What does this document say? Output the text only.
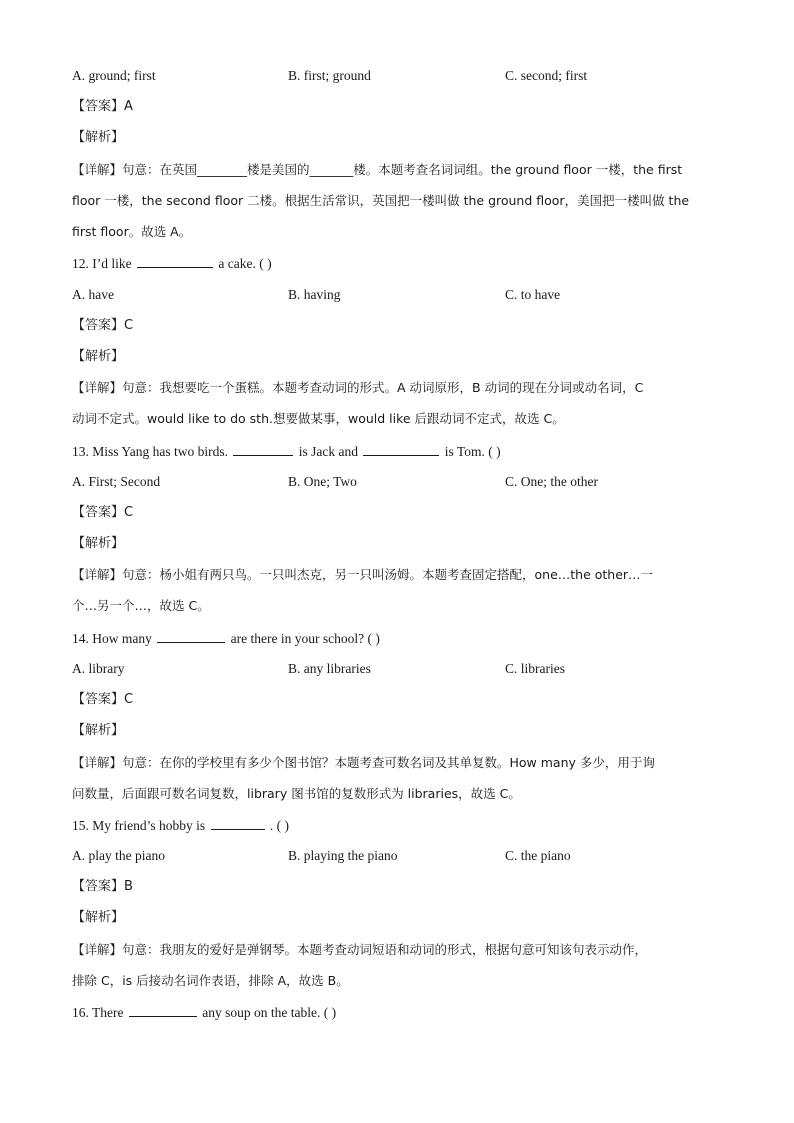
A. ground; first	B. first; ground	C. second; first
【答案】A
【解析】
【详解】句意：在英国________楼是美国的_______楼。本题考查名词词组。the ground floor 一楼，the first
floor 一楼，the second floor 二楼。根据生活常识，英国把一楼叫做 the ground floor，美国把一楼叫做 the
first floor。故选 A。
12. I’d like	a cake. ( )
A. have	B. having	C. to have
【答案】C
【解析】
【详解】句意：我想要吃一个蛋糕。本题考查动词的形式。A 动词原形，B 动词的现在分词或动名词，C
动词不定式。would like to do sth.想要做某事，would like 后跟动词不定式，故选 C。
13. Miss Yang has two birds.	is Jack and	is Tom. ( )
A. First; Second	B. One; Two	C. One; the other
【答案】C
【解析】
【详解】句意：杨小姐有两只鸟。一只叫杰克，另一只叫汤姆。本题考查固定搭配，one…the other…一
个…另一个…，故选 C。
14. How many	are there in your school? ( )
A. library	B. any libraries	C. libraries
【答案】C
【解析】
【详解】句意：在你的学校里有多少个图书馆？本题考查可数名词及其单复数。How many 多少，用于询
问数量，后面跟可数名词复数，library 图书馆的复数形式为 libraries，故选 C。
15. My friend’s hobby is	. ( )
A. play the piano	B. playing the piano	C. the piano
【答案】B
【解析】
【详解】句意：我朋友的爱好是弹钢琴。本题考查动词短语和动词的形式，根据句意可知该句表示动作，
排除 C，is 后接动名词作表语，排除 A，故选 B。
16. There	any soup on the table. ( )
